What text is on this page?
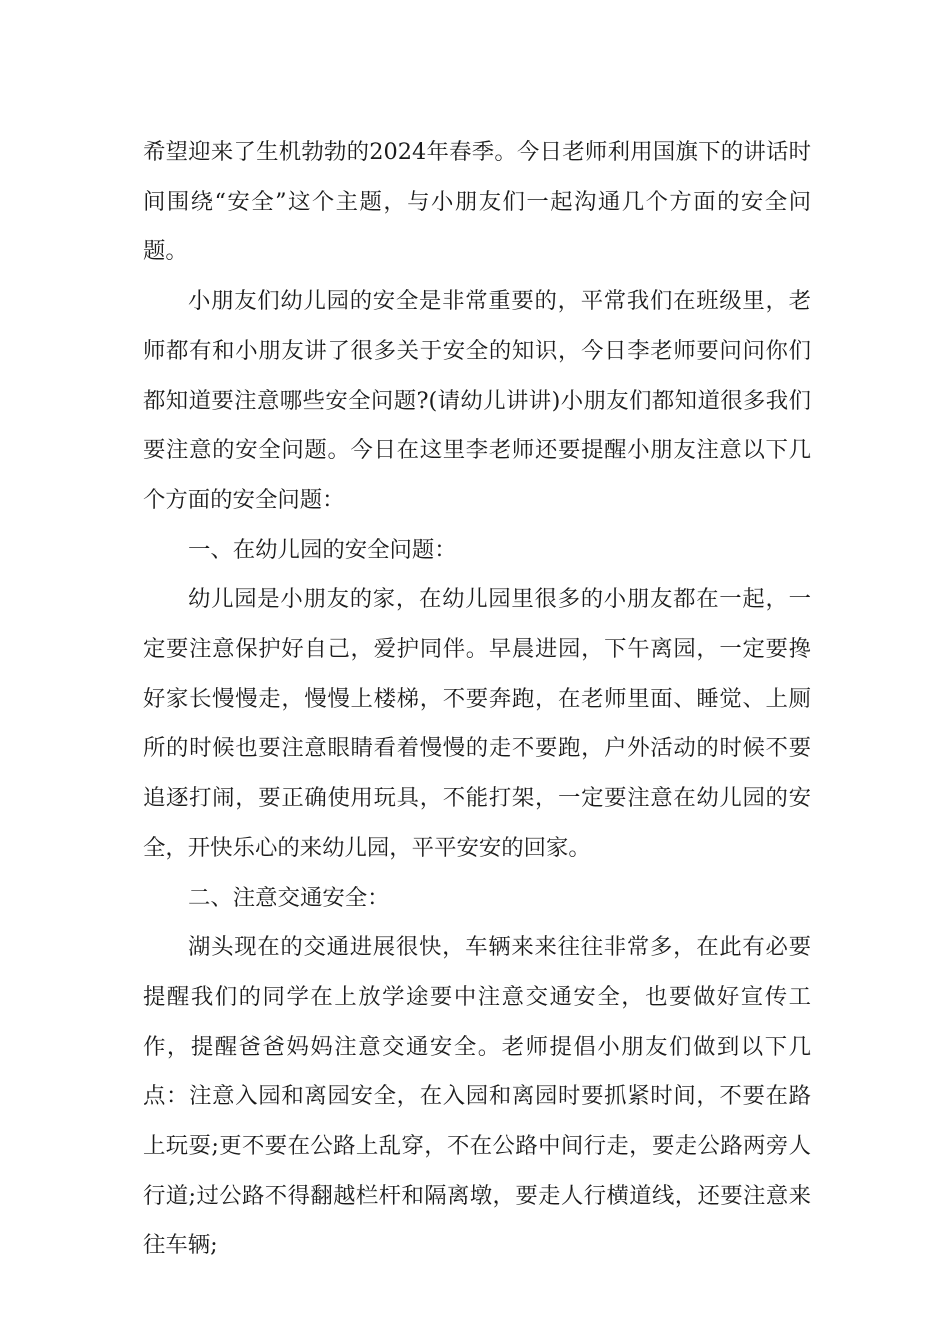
希望迎来了生机勃勃的2024年春季。今日老师利用国旗下的讲话时间围绕“安全”这个主题，与小朋友们一起沟通几个方面的安全问题。

小朋友们幼儿园的安全是非常重要的，平常我们在班级里，老师都有和小朋友讲了很多关于安全的知识，今日李老师要问问你们都知道要注意哪些安全问题?(请幼儿讲讲)小朋友们都知道很多我们要注意的安全问题。今日在这里李老师还要提醒小朋友注意以下几个方面的安全问题：

一、在幼儿园的安全问题：

幼儿园是小朋友的家，在幼儿园里很多的小朋友都在一起，一定要注意保护好自己，爱护同伴。早晨进园，下午离园，一定要搀好家长慢慢走，慢慢上楼梯，不要奔跑，在老师里面、睡觉、上厕所的时候也要注意眼睛看着慢慢的走不要跑，户外活动的时候不要追逐打闹，要正确使用玩具，不能打架，一定要注意在幼儿园的安全，开快乐心的来幼儿园，平平安安的回家。

二、注意交通安全：

湖头现在的交通进展很快，车辆来来往往非常多，在此有必要提醒我们的同学在上放学途要中注意交通安全，也要做好宣传工作，提醒爸爸妈妈注意交通安全。老师提倡小朋友们做到以下几点：注意入园和离园安全，在入园和离园时要抓紧时间，不要在路上玩耍;更不要在公路上乱穿，不在公路中间行走，要走公路两旁人行道;过公路不得翻越栏杆和隔离墩，要走人行横道线，还要注意来往车辆;
